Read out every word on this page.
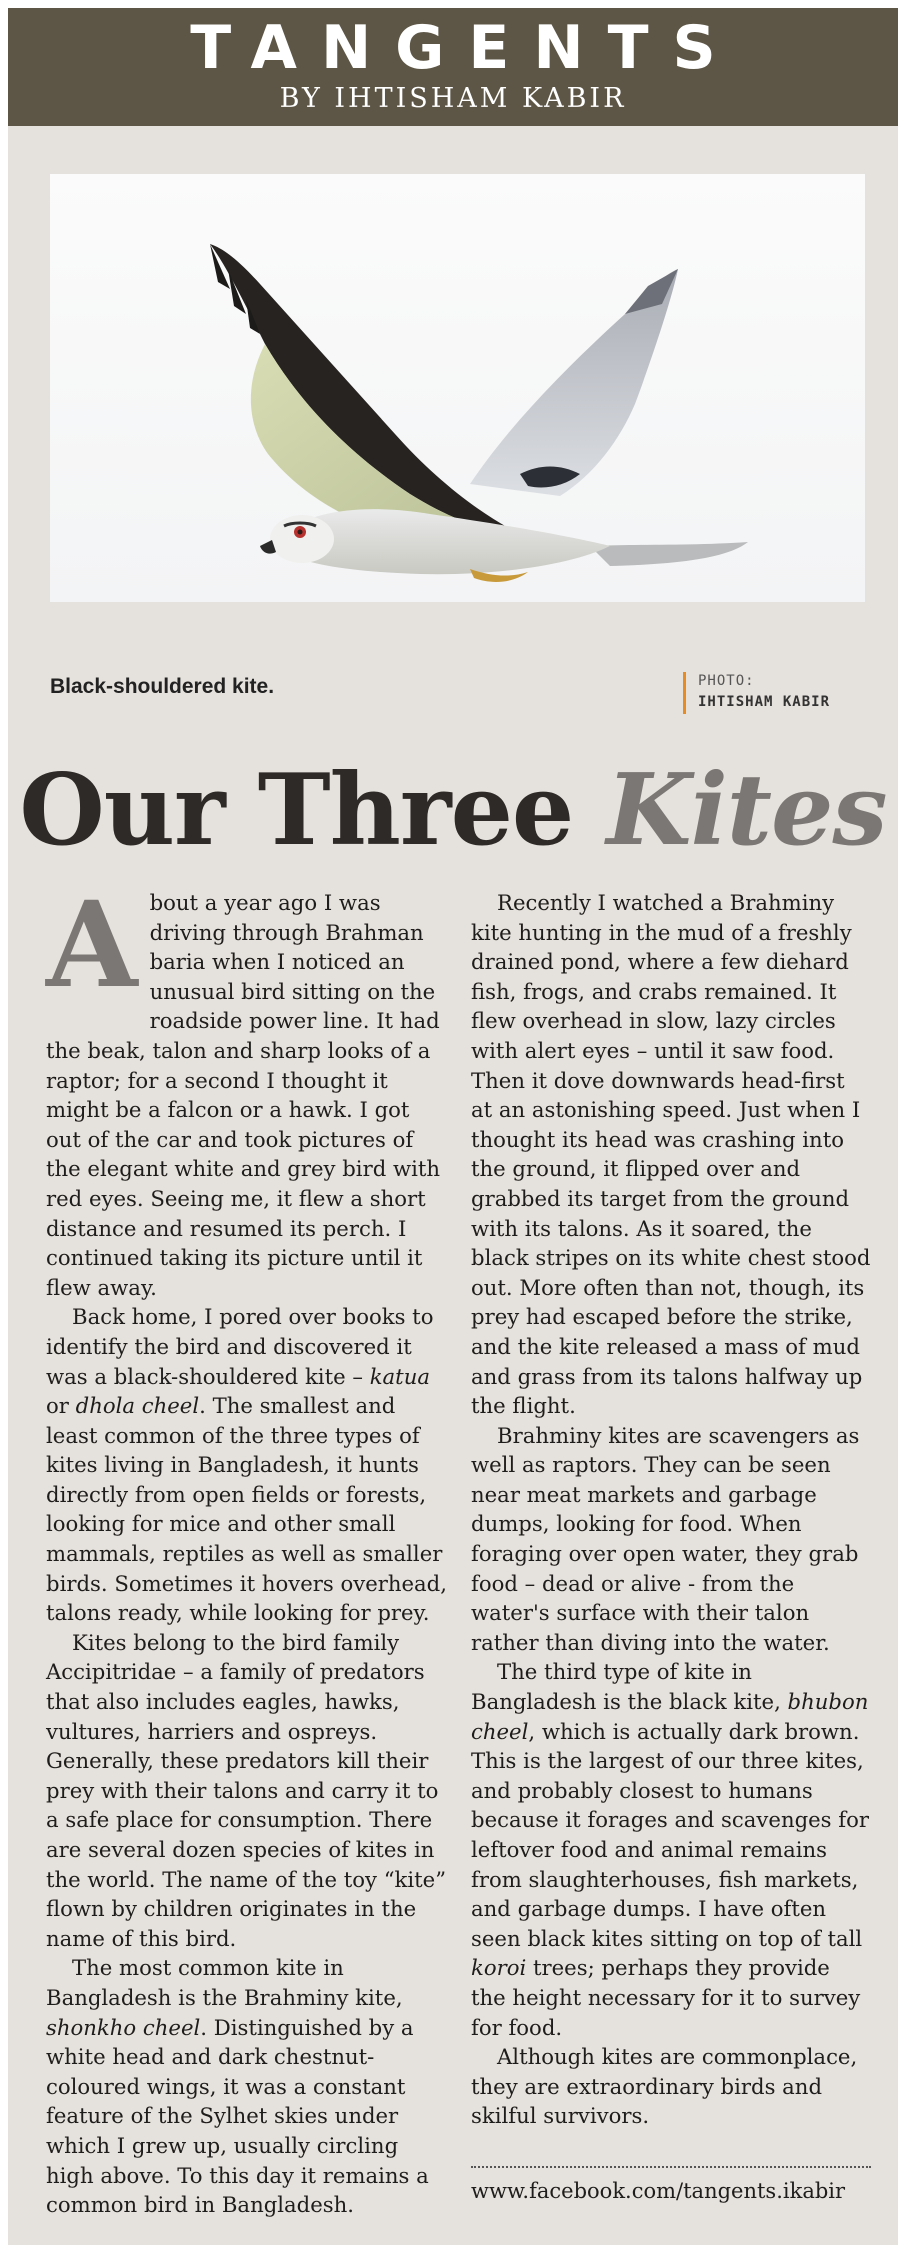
TANGENTS
BY IHTISHAM KABIR
Black-shouldered kite.	PHOTO:
IHTISHAM KABIR
Our Three Kites

About a year ago I was driving through Brahman baria when I noticed an unusual bird sitting on the roadside power line. It had the beak, talon and sharp looks of a raptor; for a second I thought it might be a falcon or a hawk. I got out of the car and took pictures of the elegant white and grey bird with red eyes. Seeing me, it flew a short distance and resumed its perch. I continued taking its picture until it flew away.

Back home, I pored over books to identify the bird and discovered it was a black-shouldered kite – katua or dhola cheel. The smallest and least common of the three types of kites living in Bangladesh, it hunts directly from open fields or forests, looking for mice and other small mammals, reptiles as well as smaller birds. Sometimes it hovers overhead, talons ready, while looking for prey.

Kites belong to the bird family Accipitridae – a family of predators that also includes eagles, hawks, vultures, harriers and ospreys. Generally, these predators kill their prey with their talons and carry it to a safe place for consumption. There are several dozen species of kites in the world. The name of the toy “kite” flown by children originates in the name of this bird.

The most common kite in Bangladesh is the Brahminy kite, shonkho cheel. Distinguished by a white head and dark chestnut-coloured wings, it was a constant feature of the Sylhet skies under which I grew up, usually circling high above. To this day it remains a common bird in Bangladesh.

Recently I watched a Brahminy kite hunting in the mud of a freshly drained pond, where a few diehard fish, frogs, and crabs remained. It flew overhead in slow, lazy circles with alert eyes – until it saw food. Then it dove downwards head-first at an astonishing speed. Just when I thought its head was crashing into the ground, it flipped over and grabbed its target from the ground with its talons. As it soared, the black stripes on its white chest stood out. More often than not, though, its prey had escaped before the strike, and the kite released a mass of mud and grass from its talons halfway up the flight.

Brahminy kites are scavengers as well as raptors. They can be seen near meat markets and garbage dumps, looking for food. When foraging over open water, they grab food – dead or alive - from the water's surface with their talon rather than diving into the water.

The third type of kite in Bangladesh is the black kite, bhubon cheel, which is actually dark brown. This is the largest of our three kites, and probably closest to humans because it forages and scavenges for leftover food and animal remains from slaughterhouses, fish markets, and garbage dumps. I have often seen black kites sitting on top of tall koroi trees; perhaps they provide the height necessary for it to survey for food.

Although kites are commonplace, they are extraordinary birds and skilful survivors.

www.facebook.com/tangents.ikabir
